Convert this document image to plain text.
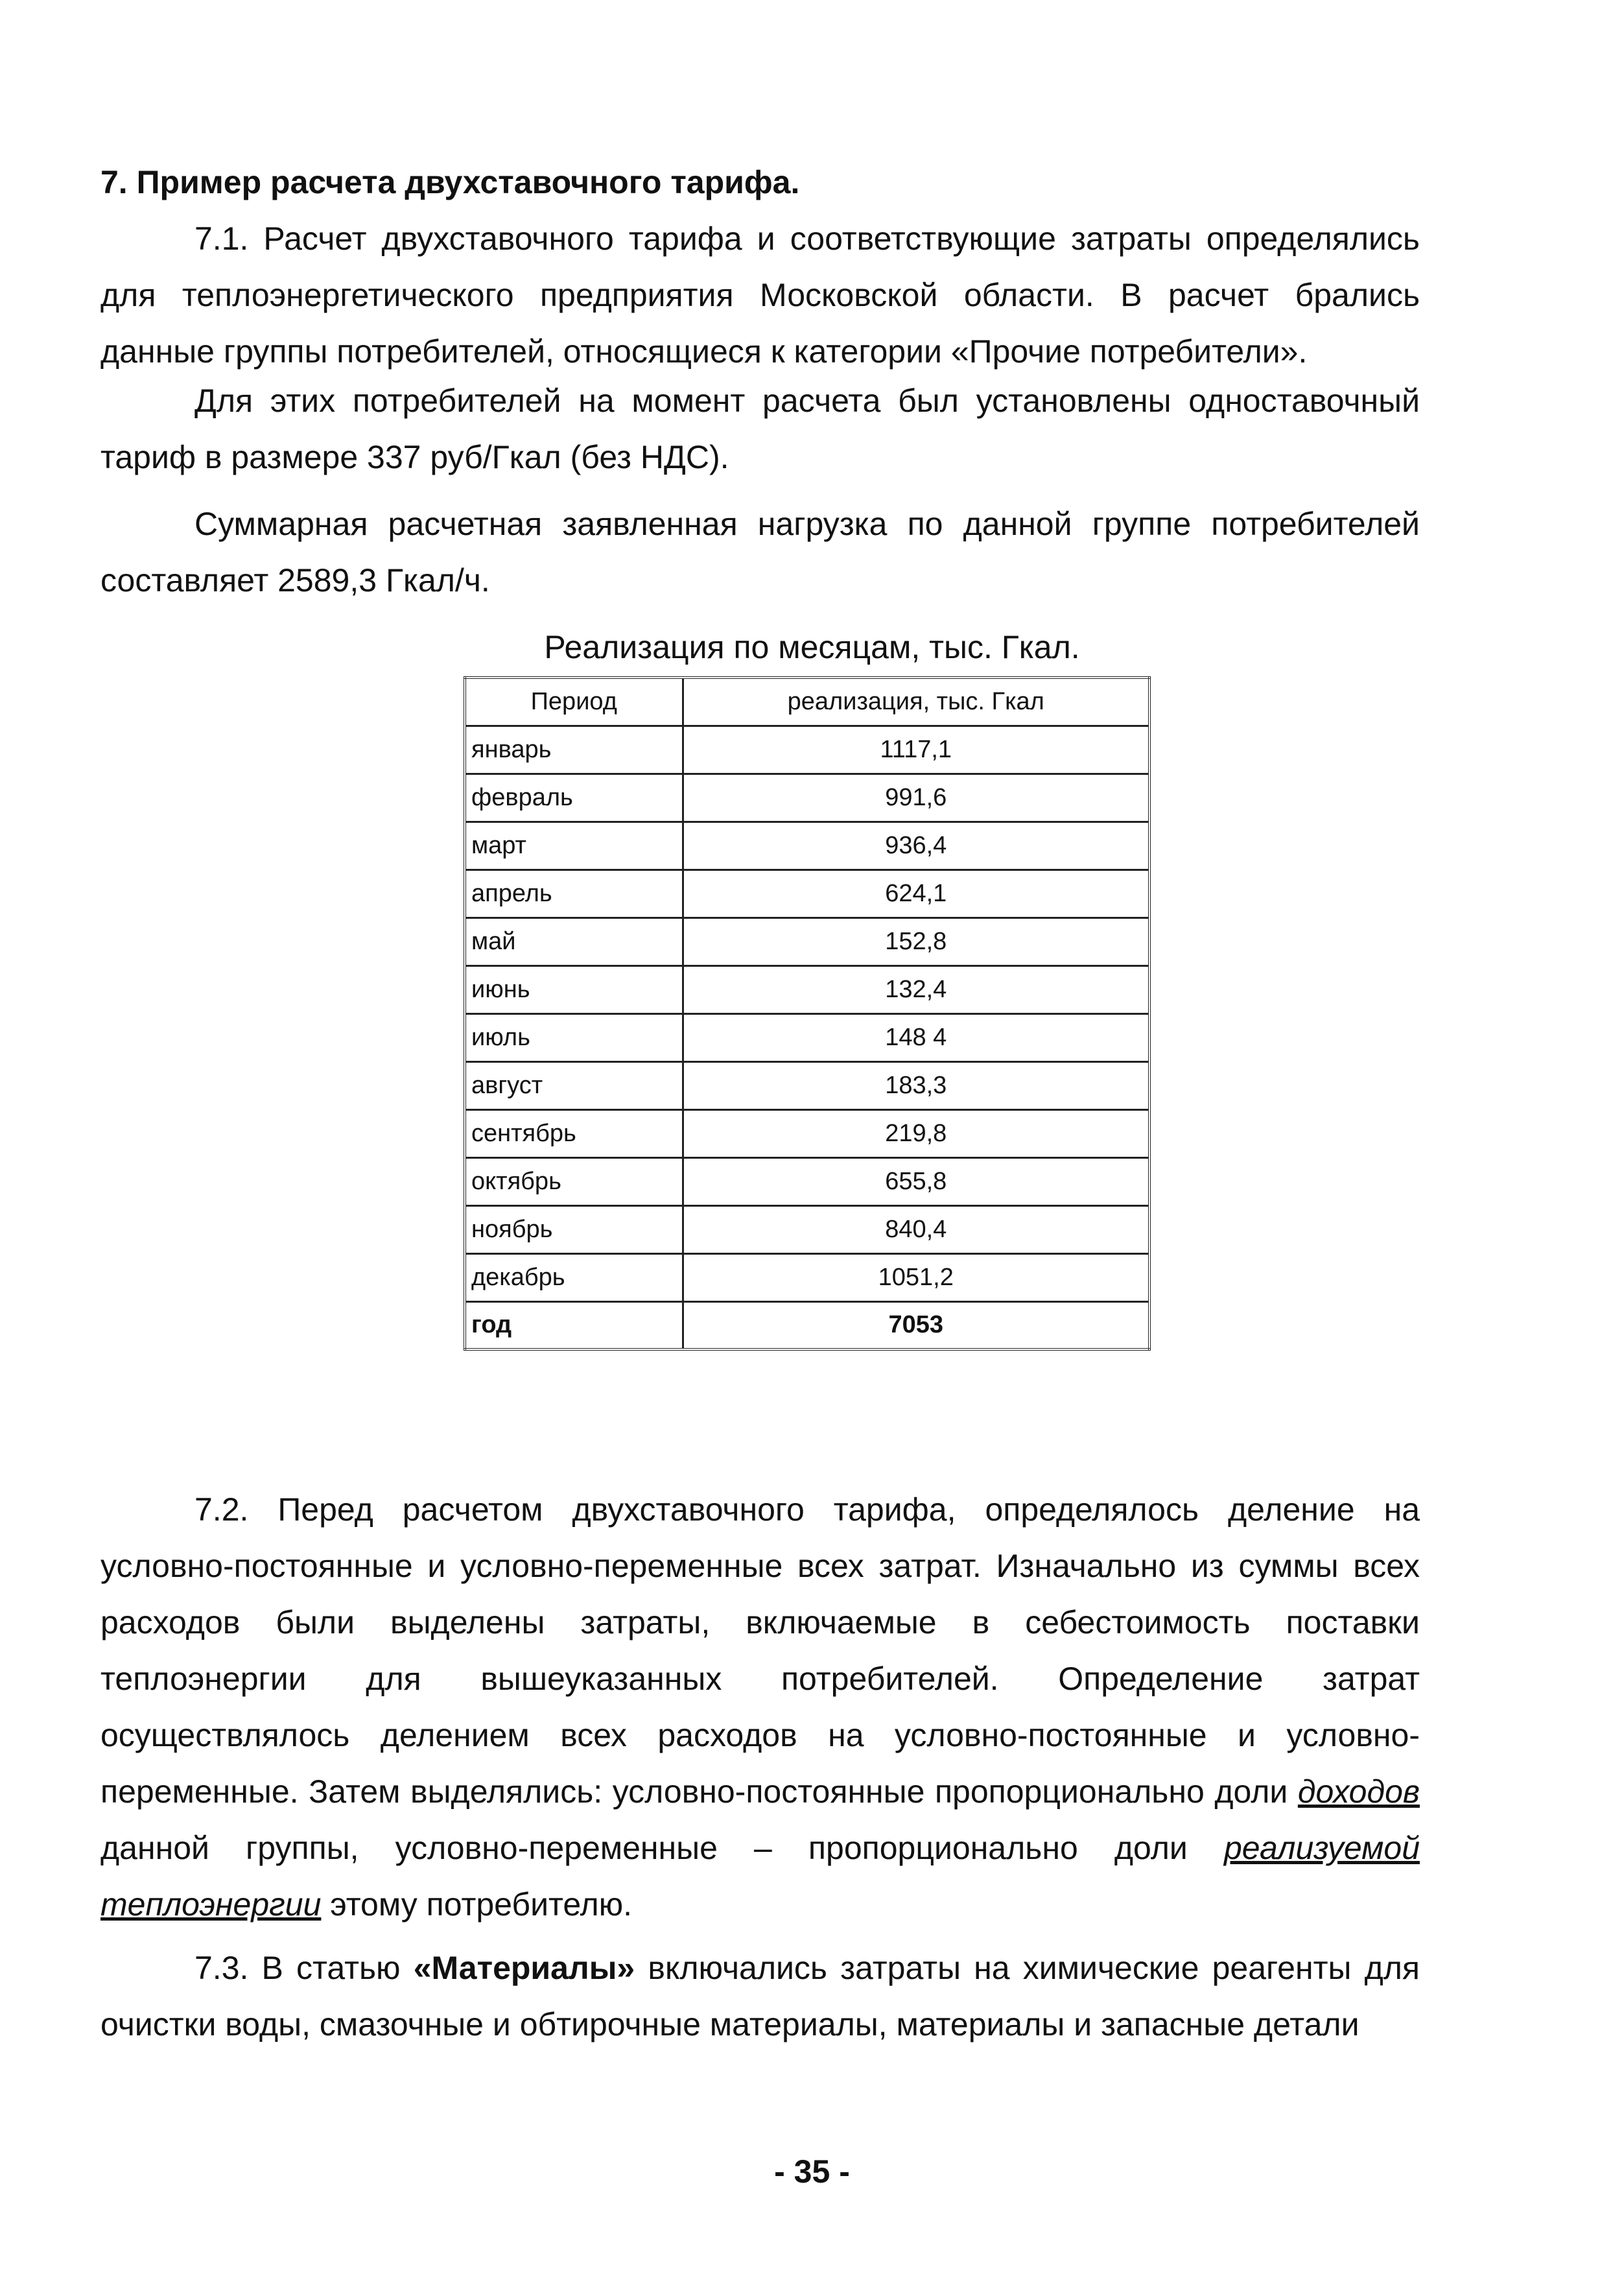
7. Пример расчета двухставочного тарифа.

7.1. Расчет двухставочного тарифа и соответствующие затраты определялись для теплоэнергетического предприятия Московской области. В расчет брались данные группы потребителей, относящиеся к категории «Прочие потребители».

Для этих потребителей на момент расчета был установлены одноставочный тариф в размере 337 руб/Гкал (без НДС).

Суммарная расчетная заявленная нагрузка по данной группе потребителей составляет 2589,3 Гкал/ч.

Реализация по месяцам, тыс. Гкал.

Период	реализация, тыс. Гкал
январь	1117,1
февраль	991,6
март	936,4
апрель	624,1
май	152,8
июнь	132,4
июль	148 4
август	183,3
сентябрь	219,8
октябрь	655,8
ноябрь	840,4
декабрь	1051,2
год	7053

7.2. Перед расчетом двухставочного тарифа, определялось деление на условно-постоянные и условно-переменные всех затрат. Изначально из суммы всех расходов были выделены затраты, включаемые в себестоимость поставки теплоэнергии для вышеуказанных потребителей. Определение затрат осуществлялось делением всех расходов на условно-постоянные и условно-переменные. Затем выделялись: условно-постоянные пропорционально доли доходов данной группы, условно-переменные – пропорционально доли реализуемой теплоэнергии этому потребителю.

7.3. В статью «Материалы» включались затраты на химические реагенты для очистки воды, смазочные и обтирочные материалы, материалы и запасные детали

- 35 -
